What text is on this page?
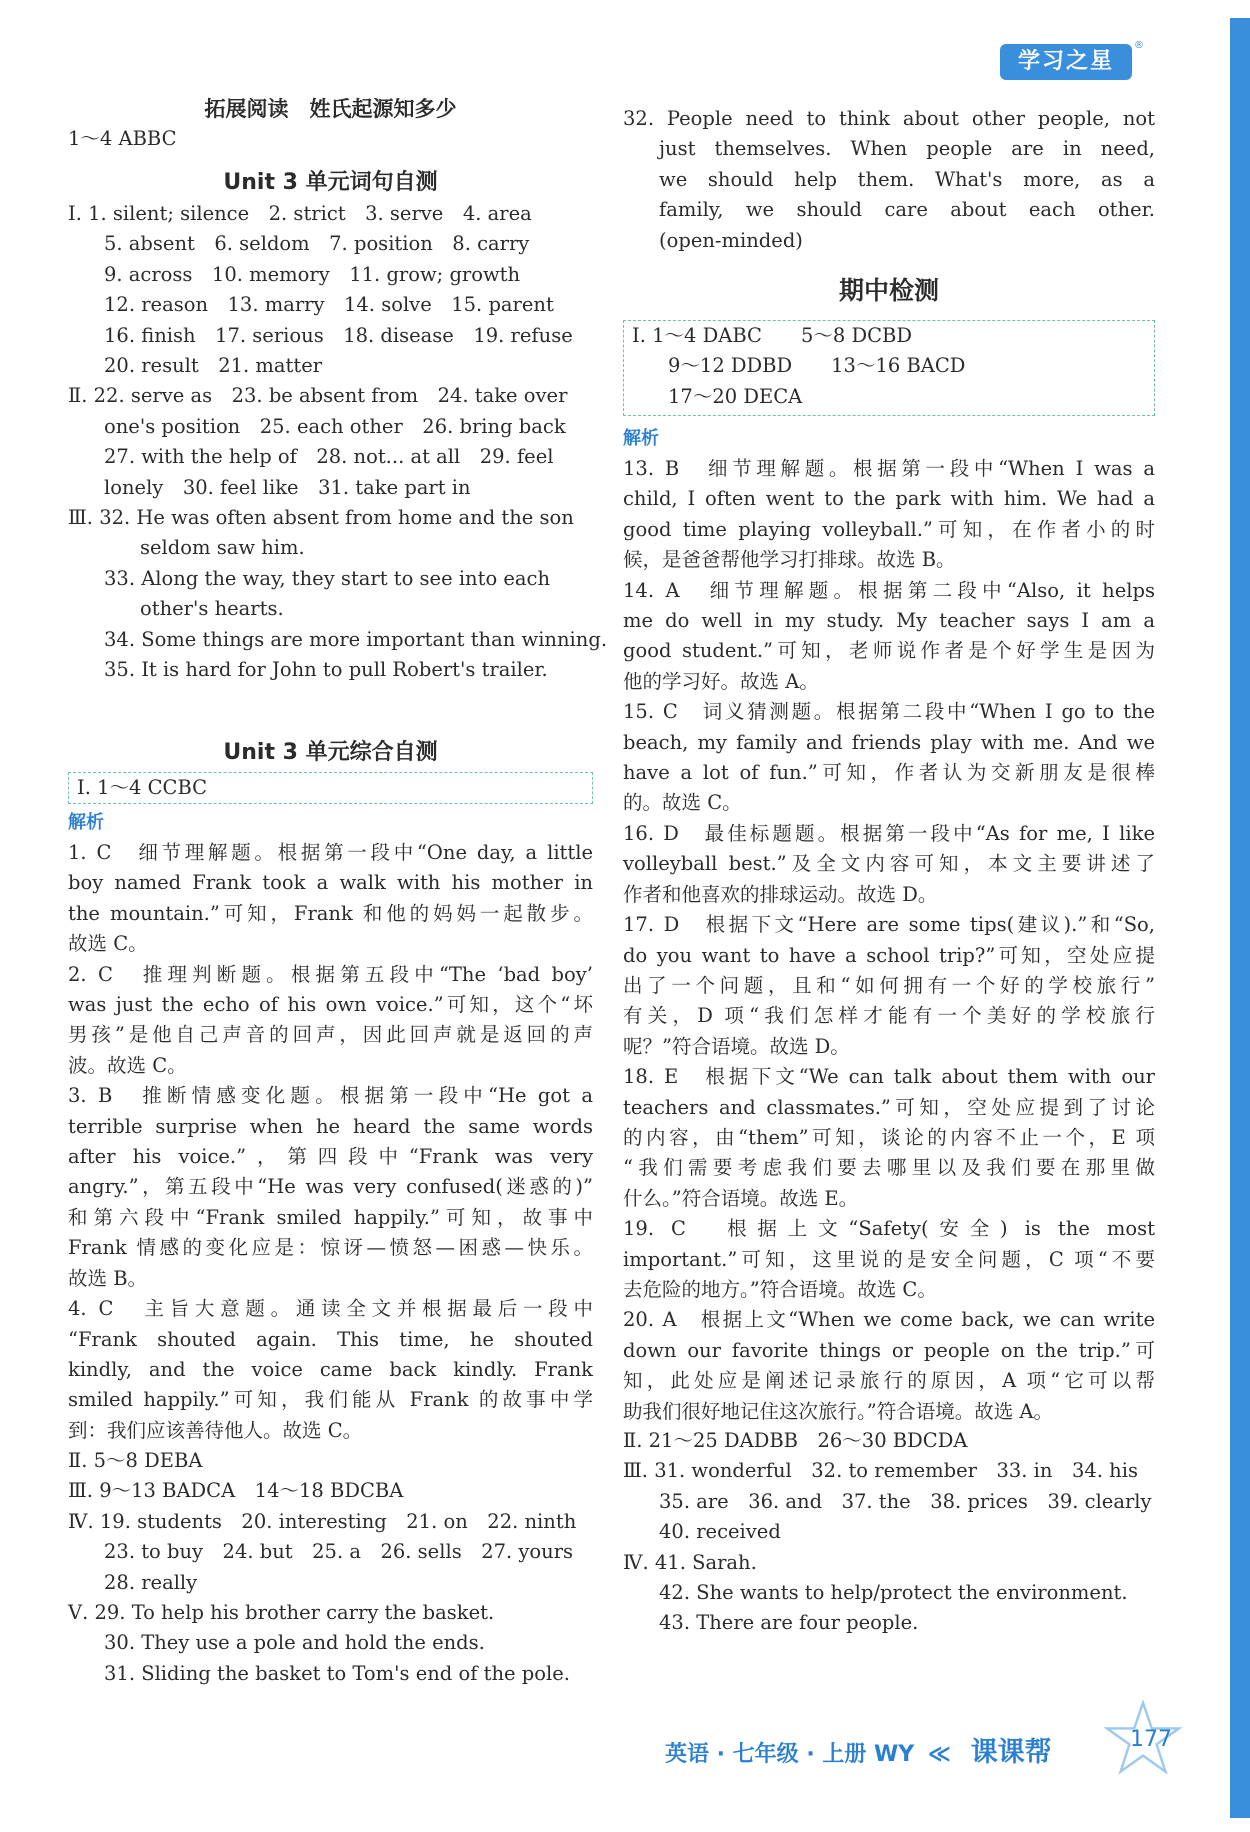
学习之星
®
拓展阅读　姓氏起源知多少
1～4 ABBC
Unit 3 单元词句自测
Ⅰ. 1. silent; silence　2. strict　3. serve　4. area
5. absent　6. seldom　7. position　8. carry
9. across　10. memory　11. grow; growth
12. reason　13. marry　14. solve　15. parent
16. finish　17. serious　18. disease　19. refuse
20. result　21. matter
Ⅱ. 22. serve as　23. be absent from　24. take over
one's position　25. each other　26. bring back
27. with the help of　28. not... at all　29. feel
lonely　30. feel like　31. take part in
Ⅲ. 32. He was often absent from home and the son
seldom saw him.
33. Along the way, they start to see into each
other's hearts.
34. Some things are more important than winning.
35. It is hard for John to pull Robert's trailer.
Unit 3 单元综合自测
Ⅰ. 1～4 CCBC
解析
1. C　细节理解题。根据第一段中“One day, a little
boy named Frank took a walk with his mother in
the mountain.”可知，Frank 和他的妈妈一起散步。
故选 C。
2. C　推理判断题。根据第五段中“The ‘bad boy’
was just the echo of his own voice.”可知，这个“坏
男孩”是他自己声音的回声，因此回声就是返回的声
波。故选 C。
3. B　推断情感变化题。根据第一段中“He got a
terrible surprise when he heard the same words
after his voice.”，第四段中“Frank was very
angry.”，第五段中“He was very confused(迷惑的)”
和第六段中“Frank smiled happily.”可知，故事中
Frank 情感的变化应是：惊讶—愤怒—困惑—快乐。
故选 B。
4. C　主旨大意题。通读全文并根据最后一段中
“Frank shouted again. This time, he shouted
kindly, and the voice came back kindly. Frank
smiled happily.”可知，我们能从 Frank 的故事中学
到：我们应该善待他人。故选 C。
Ⅱ. 5～8 DEBA
Ⅲ. 9～13 BADCA　14～18 BDCBA
Ⅳ. 19. students　20. interesting　21. on　22. ninth
23. to buy　24. but　25. a　26. sells　27. yours
28. really
Ⅴ. 29. To help his brother carry the basket.
30. They use a pole and hold the ends.
31. Sliding the basket to Tom's end of the pole.
32. People need to think about other people, not
just themselves. When people are in need,
we should help them. What's more, as a
family, we should care about each other.
(open-minded)
期中检测
Ⅰ. 1～4 DABC　　5～8 DCBD
9～12 DDBD　　13～16 BACD
17～20 DECA
解析
13. B　细节理解题。根据第一段中“When I was a
child, I often went to the park with him. We had a
good time playing volleyball.”可知，在作者小的时
候，是爸爸帮他学习打排球。故选 B。
14. A　细节理解题。根据第二段中“Also, it helps
me do well in my study. My teacher says I am a
good student.”可知，老师说作者是个好学生是因为
他的学习好。故选 A。
15. C　词义猜测题。根据第二段中“When I go to the
beach, my family and friends play with me. And we
have a lot of fun.”可知，作者认为交新朋友是很棒
的。故选 C。
16. D　最佳标题题。根据第一段中“As for me, I like
volleyball best.”及全文内容可知，本文主要讲述了
作者和他喜欢的排球运动。故选 D。
17. D　根据下文“Here are some tips(建议).”和“So,
do you want to have a school trip?”可知，空处应提
出了一个问题，且和“如何拥有一个好的学校旅行”
有关，D 项“我们怎样才能有一个美好的学校旅行
呢？”符合语境。故选 D。
18. E　根据下文“We can talk about them with our
teachers and classmates.”可知，空处应提到了讨论
的内容，由“them”可知，谈论的内容不止一个，E 项
“我们需要考虑我们要去哪里以及我们要在那里做
什么。”符合语境。故选 E。
19. C　根据上文“Safety(安全) is the most
important.”可知，这里说的是安全问题，C 项“不要
去危险的地方。”符合语境。故选 C。
20. A　根据上文“When we come back, we can write
down our favorite things or people on the trip.”可
知，此处应是阐述记录旅行的原因，A 项“它可以帮
助我们很好地记住这次旅行。”符合语境。故选 A。
Ⅱ. 21～25 DADBB　26～30 BDCDA
Ⅲ. 31. wonderful　32. to remember　33. in　34. his
35. are　36. and　37. the　38. prices　39. clearly
40. received
Ⅳ. 41. Sarah.
42. She wants to help/protect the environment.
43. There are four people.
英语 · 七年级 · 上册 WY ≪ 课课帮	177
